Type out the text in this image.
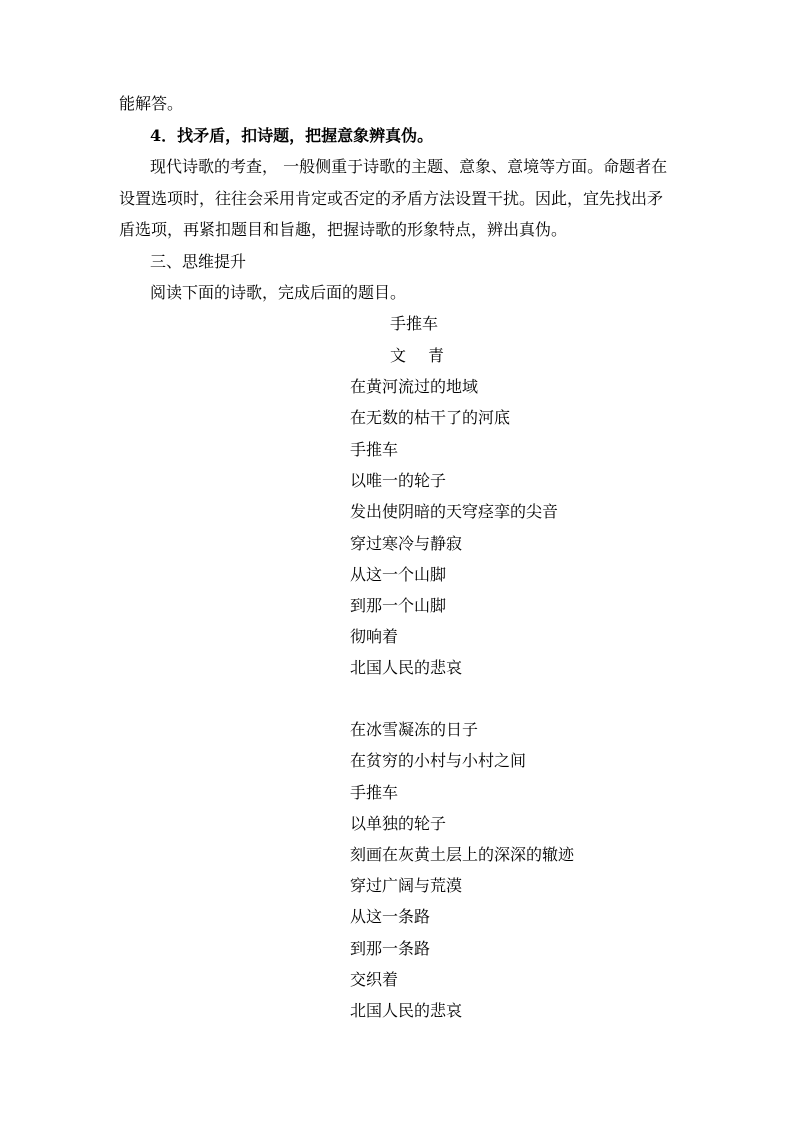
能解答。
4．找矛盾，扣诗题，把握意象辨真伪。
现代诗歌的考查， 一般侧重于诗歌的主题、意象、意境等方面。命题者在
设置选项时，往往会采用肯定或否定的矛盾方法设置干扰。因此，宜先找出矛
盾选项，再紧扣题目和旨趣，把握诗歌的形象特点，辨出真伪。
三、思维提升
阅读下面的诗歌，完成后面的题目。
手推车
文 青
在黄河流过的地域
在无数的枯干了的河底
手推车
以唯一的轮子
发出使阴暗的天穹痉挛的尖音
穿过寒冷与静寂
从这一个山脚
到那一个山脚
彻响着
北国人民的悲哀
在冰雪凝冻的日子
在贫穷的小村与小村之间
手推车
以单独的轮子
刻画在灰黄土层上的深深的辙迹
穿过广阔与荒漠
从这一条路
到那一条路
交织着
北国人民的悲哀
